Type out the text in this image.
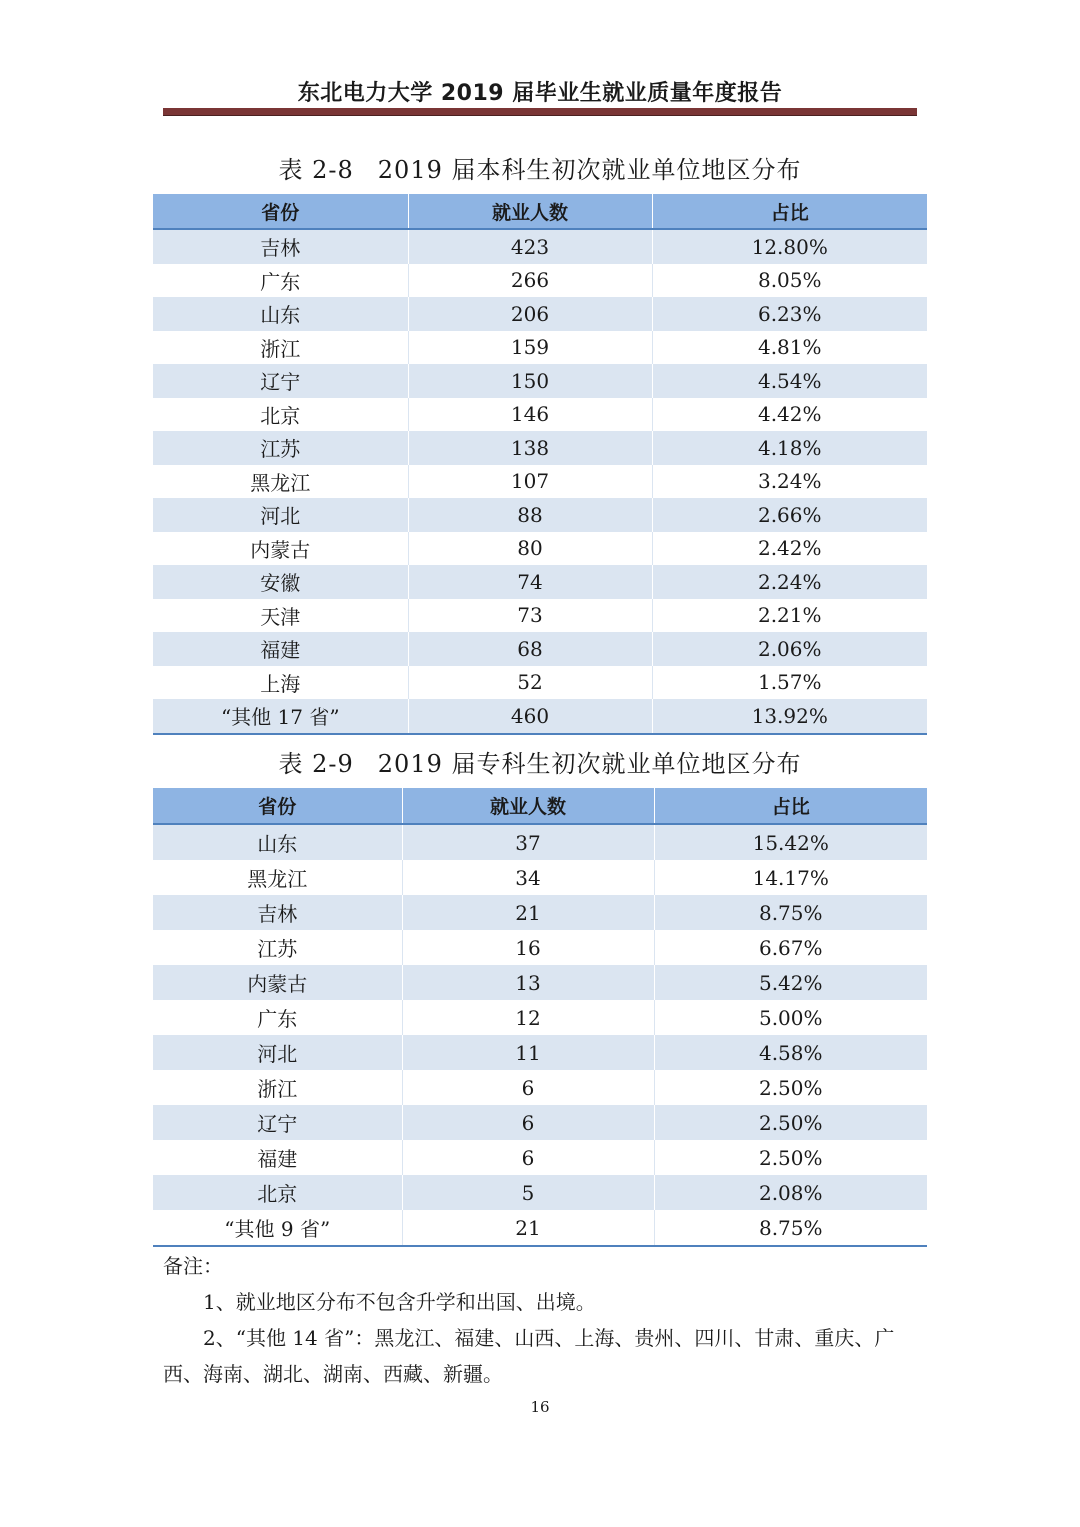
东北电力大学 2019 届毕业生就业质量年度报告
表 2-8 2019 届本科生初次就业单位地区分布
省份	就业人数	占比
吉林	423	12.80%
广东	266	8.05%
山东	206	6.23%
浙江	159	4.81%
辽宁	150	4.54%
北京	146	4.42%
江苏	138	4.18%
黑龙江	107	3.24%
河北	88	2.66%
内蒙古	80	2.42%
安徽	74	2.24%
天津	73	2.21%
福建	68	2.06%
上海	52	1.57%
“其他 17 省”	460	13.92%
表 2-9 2019 届专科生初次就业单位地区分布
省份	就业人数	占比
山东	37	15.42%
黑龙江	34	14.17%
吉林	21	8.75%
江苏	16	6.67%
内蒙古	13	5.42%
广东	12	5.00%
河北	11	4.58%
浙江	6	2.50%
辽宁	6	2.50%
福建	6	2.50%
北京	5	2.08%
“其他 9 省”	21	8.75%
备注：
1、就业地区分布不包含升学和出国、出境。
2、“其他 14 省”：黑龙江、福建、山西、上海、贵州、四川、甘肃、重庆、广西、海南、湖北、湖南、西藏、新疆。
16
